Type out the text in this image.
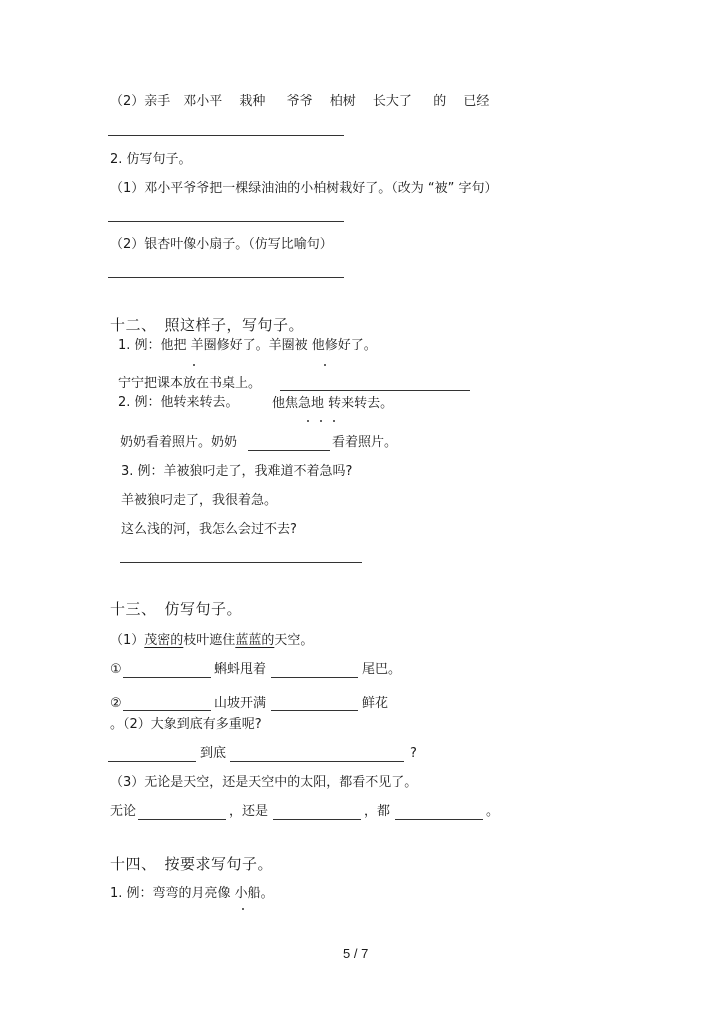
（2）亲手　邓小平　 栽种 　 爷爷　 柏树　 长大了 　 的　 已经
2. 仿写句子。
（1）邓小平爷爷把一棵绿油油的小柏树栽好了。（改为 “被” 字句）
（2）银杏叶像小扇子。（仿写比喻句）
十二、　照这样子，写句子。
1. 例：他把 羊圈修好了。羊圈被 他修好了。
宁宁把课本放在书桌上。
2. 例：他转来转去。	他焦急地 转来转去。
奶奶看着照片。奶奶	看着照片。
3. 例：羊被狼叼走了，我难道不着急吗?
羊被狼叼走了，我很着急。
这么浅的河，我怎么会过不去?
十三、　仿写句子。
（1）茂密的枝叶遮住蓝蓝的天空。
①	蝌蚪甩着	尾巴。
②	山坡开满	鲜花
。（2）大象到底有多重呢?
到底	?
（3）无论是天空，还是天空中的太阳，都看不见了。
无论	，还是	，都	。
十四、　按要求写句子。
1. 例：弯弯的月亮像 小船。
5 / 7
